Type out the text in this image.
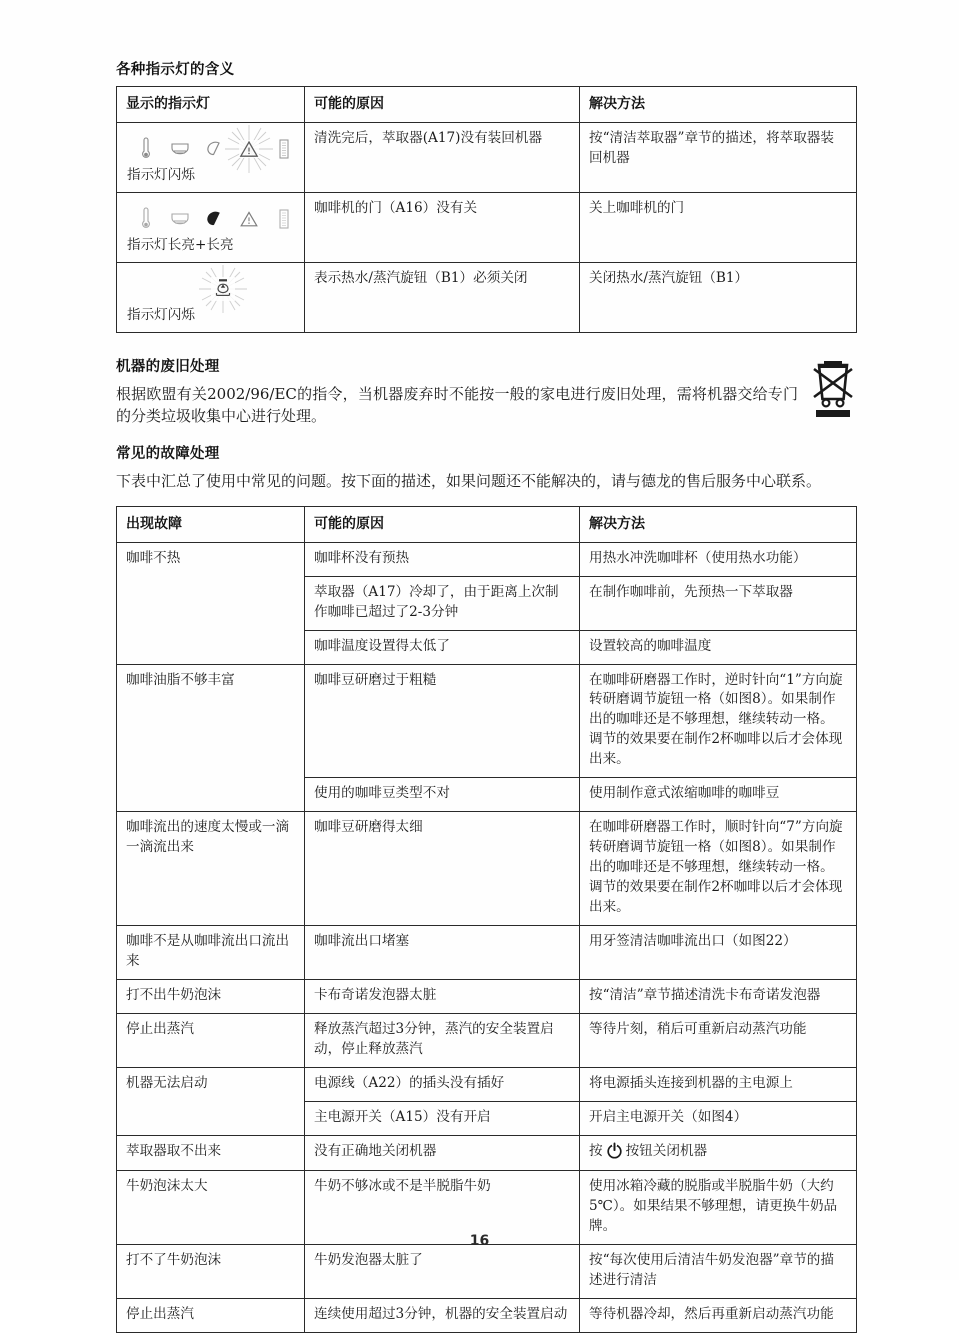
各种指示灯的含义
显示的指示灯	可能的原因	解决方法

指示灯闪烁	清洗完后，萃取器(A17)没有装回机器	按“清洁萃取器”章节的描述，将萃取器装回机器

指示灯长亮+长亮	咖啡机的门（A16）没有关	关上咖啡机的门

指示灯闪烁	表示热水/蒸汽旋钮（B1）必须关闭	关闭热水/蒸汽旋钮（B1）
机器的废旧处理

根据欧盟有关2002/96/EC的指令，当机器废弃时不能按一般的家电进行废旧处理，需将机器交给专门的分类垃圾收集中心进行处理。

常见的故障处理

下表中汇总了使用中常见的问题。按下面的描述，如果问题还不能解决的，请与德龙的售后服务中心联系。

出现故障	可能的原因	解决方法
咖啡不热	咖啡杯没有预热	用热水冲洗咖啡杯（使用热水功能）
	萃取器（A17）冷却了，由于距离上次制作咖啡已超过了2-3分钟	在制作咖啡前，先预热一下萃取器
	咖啡温度设置得太低了	设置较高的咖啡温度
咖啡油脂不够丰富	咖啡豆研磨过于粗糙	在咖啡研磨器工作时，逆时针向“1”方向旋转研磨调节旋钮一格（如图8）。如果制作出的咖啡还是不够理想，继续转动一格。调节的效果要在制作2杯咖啡以后才会体现出来。
	使用的咖啡豆类型不对	使用制作意式浓缩咖啡的咖啡豆
咖啡流出的速度太慢或一滴一滴流出来	咖啡豆研磨得太细	在咖啡研磨器工作时，顺时针向“7”方向旋转研磨调节旋钮一格（如图8）。如果制作出的咖啡还是不够理想，继续转动一格。调节的效果要在制作2杯咖啡以后才会体现出来。
咖啡不是从咖啡流出口流出来	咖啡流出口堵塞	用牙签清洁咖啡流出口（如图22）
打不出牛奶泡沫	卡布奇诺发泡器太脏	按“清洁”章节描述清洗卡布奇诺发泡器
停止出蒸汽	释放蒸汽超过3分钟，蒸汽的安全装置启动，停止释放蒸汽	等待片刻，稍后可重新启动蒸汽功能
机器无法启动	电源线（A22）的插头没有插好	将电源插头连接到机器的主电源上
	主电源开关（A15）没有开启	开启主电源开关（如图4）
萃取器取不出来	没有正确地关闭机器	按 按钮关闭机器

牛奶泡沫太大	牛奶不够冰或不是半脱脂牛奶	使用冰箱冷藏的脱脂或半脱脂牛奶（大约5℃）。如果结果不够理想，请更换牛奶品牌。
打不了牛奶泡沫	牛奶发泡器太脏了	按“每次使用后清洁牛奶发泡器”章节的描述进行清洁
停止出蒸汽	连续使用超过3分钟，机器的安全装置启动	等待机器冷却，然后再重新启动蒸汽功能
16
